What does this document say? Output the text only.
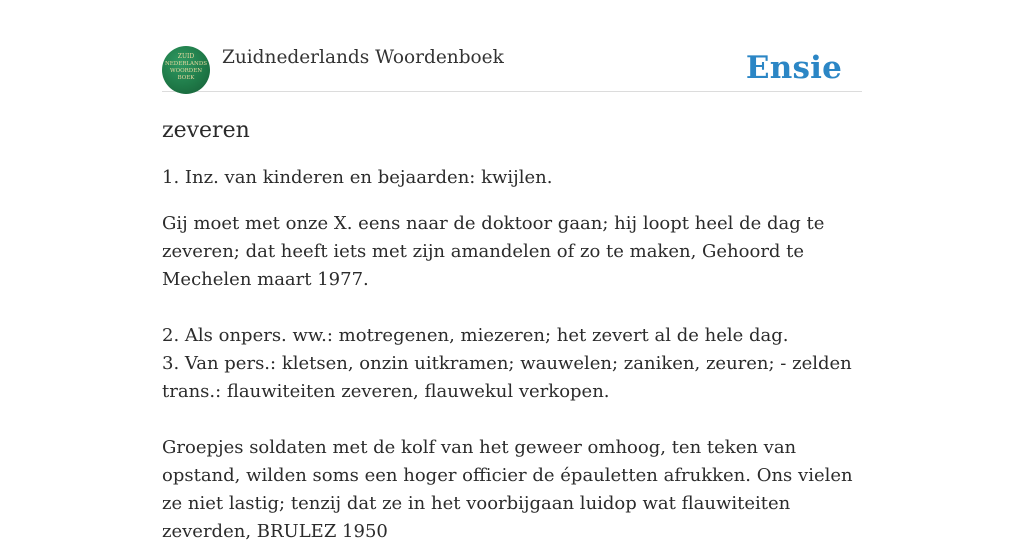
ZUID
NEDERLANDS
WOORDEN
BOEK
Zuidnederlands Woordenboek	Ensie
zeveren

1. Inz. van kinderen en bejaarden: kwijlen.

Gij moet met onze X. eens naar de doktoor gaan; hij loopt heel de dag te zeveren; dat heeft iets met zijn amandelen of zo te maken, Gehoord te Mechelen maart 1977.

2. Als onpers. ww.: motregenen, miezeren; het zevert al de hele dag.

3. Van pers.: kletsen, onzin uitkramen; wauwelen; zaniken, zeuren; - zelden trans.: flauwiteiten zeveren, flauwekul verkopen.

Groepjes soldaten met de kolf van het geweer omhoog, ten teken van opstand, wilden soms een hoger officier de épauletten afrukken. Ons vielen ze niet lastig; tenzij dat ze in het voorbijgaan luidop wat flauwiteiten zeverden, BRULEZ 1950
